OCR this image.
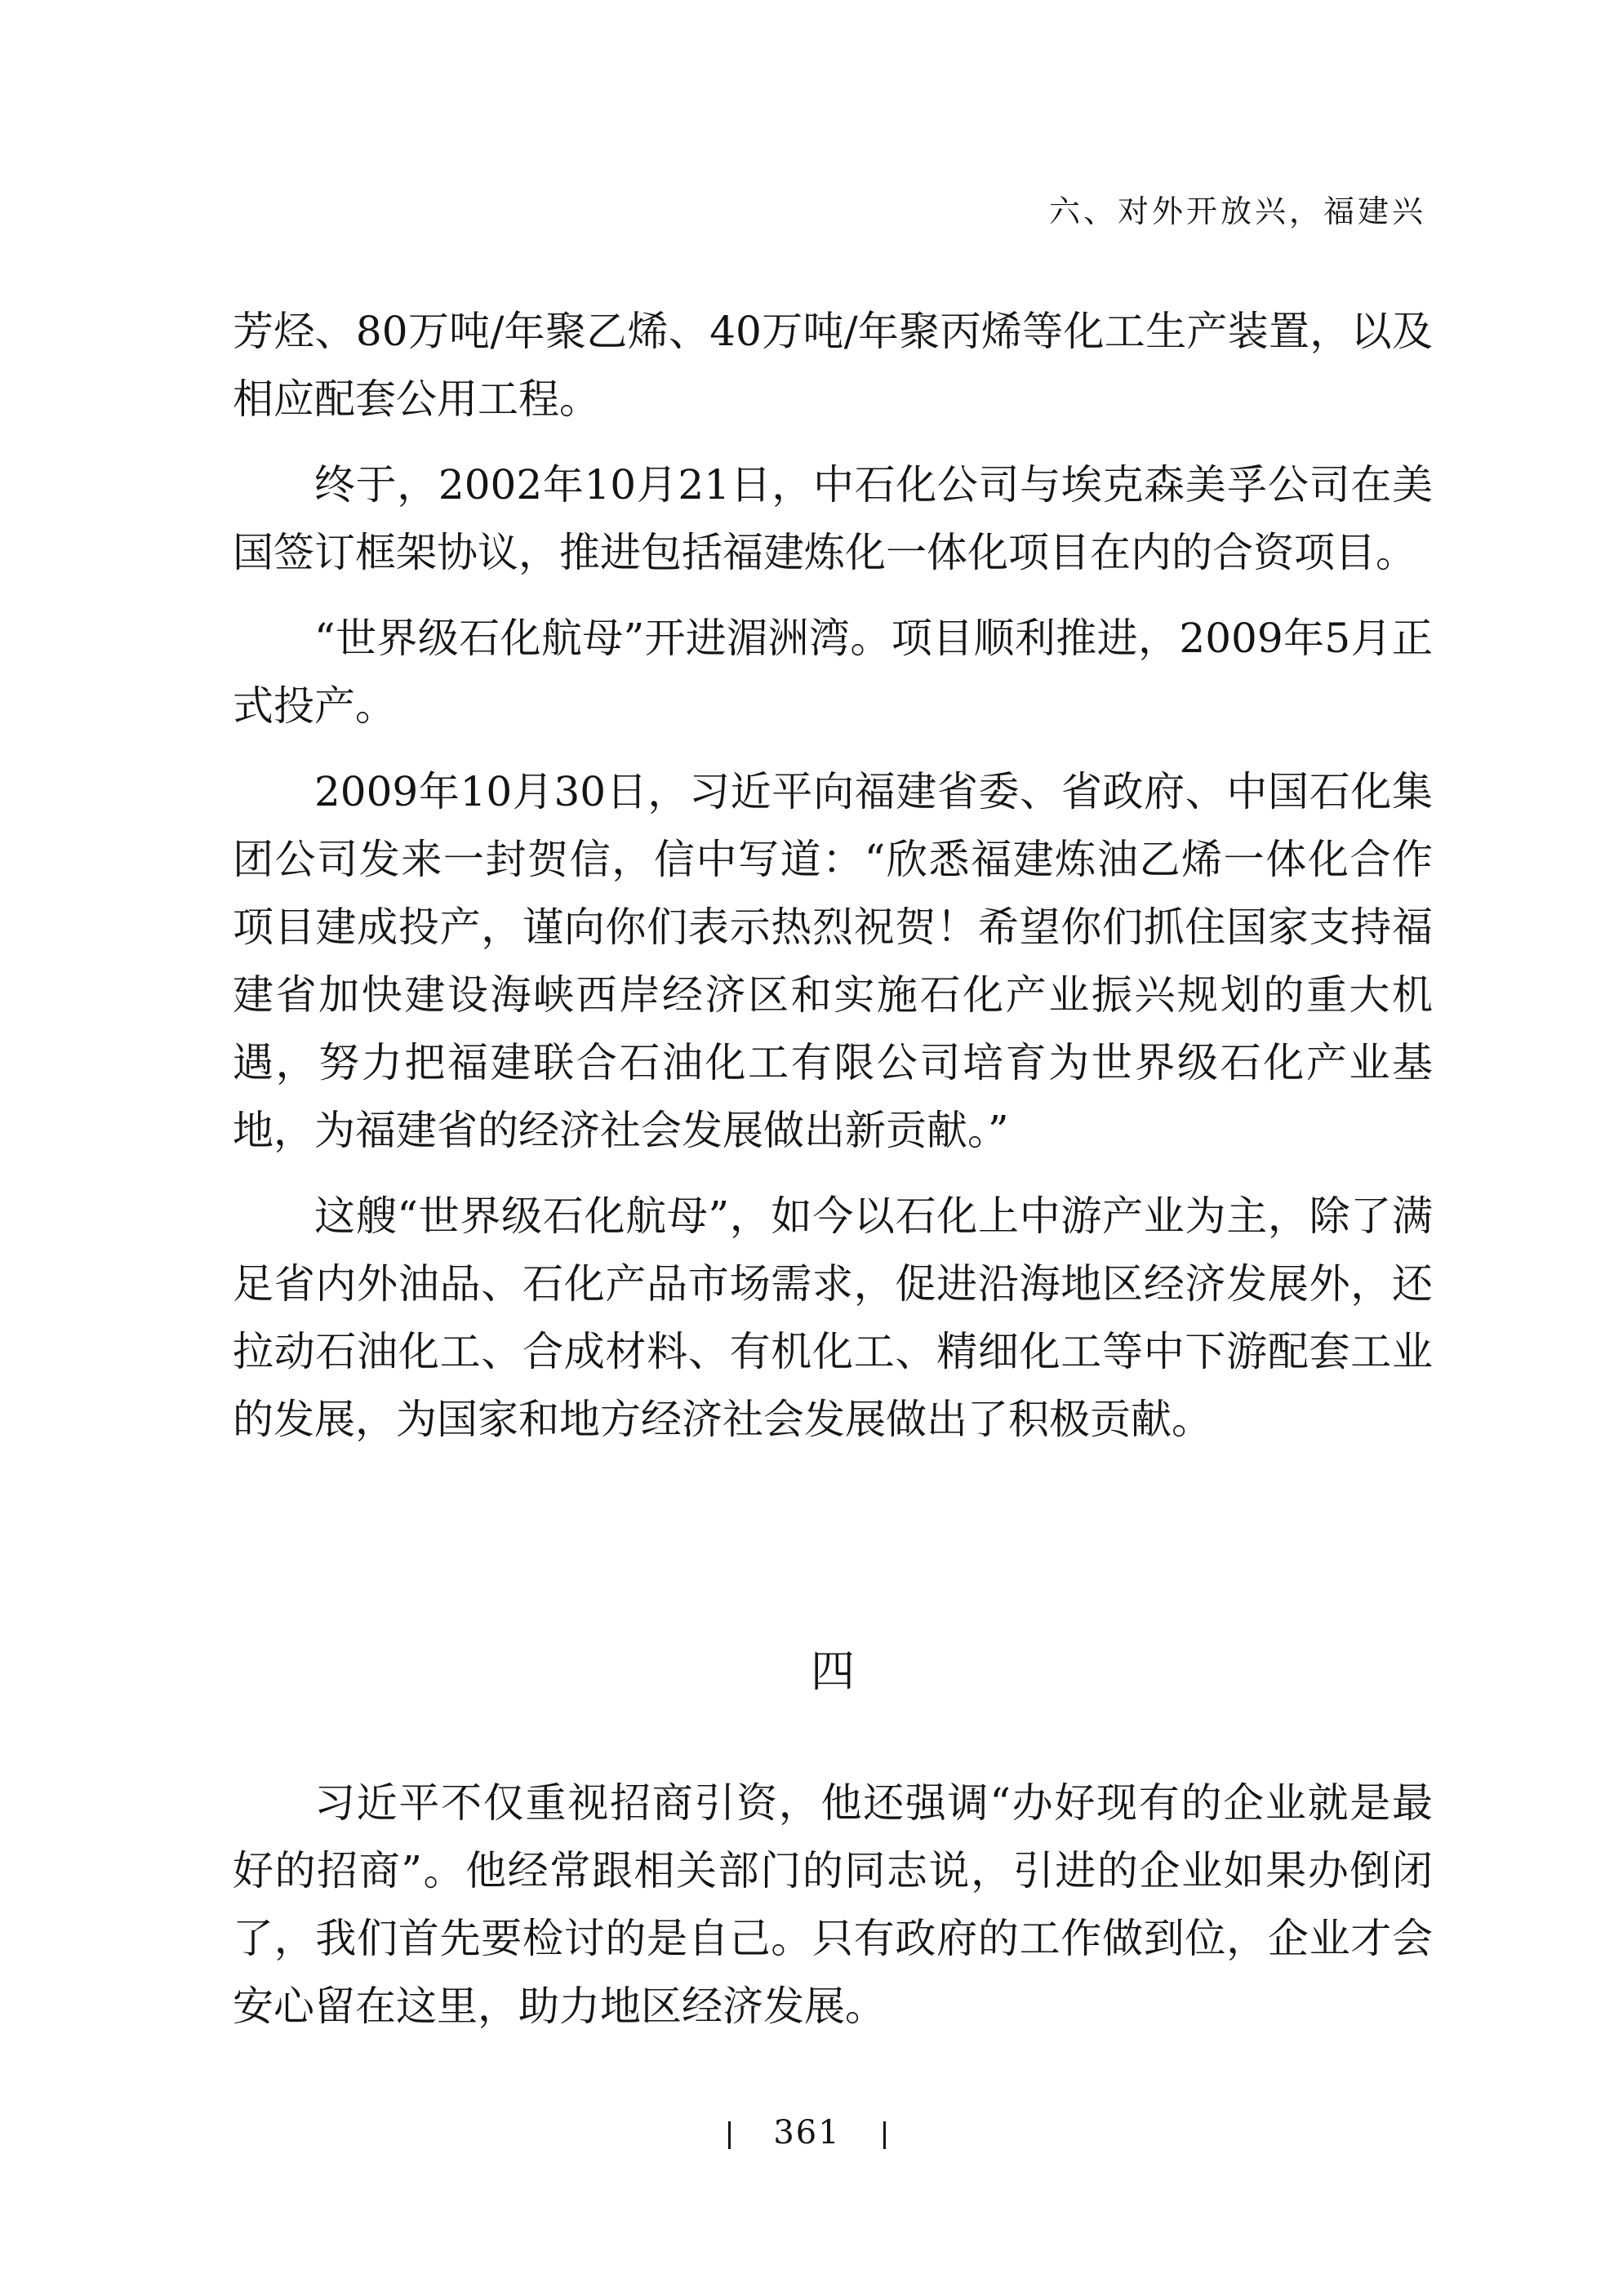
六、对外开放兴，福建兴

芳烃、80万吨/年聚乙烯、40万吨/年聚丙烯等化工生产装置，以及相应配套公用工程。

终于，2002年10月21日，中石化公司与埃克森美孚公司在美国签订框架协议，推进包括福建炼化一体化项目在内的合资项目。

“世界级石化航母”开进湄洲湾。项目顺利推进，2009年5月正式投产。

2009年10月30日，习近平向福建省委、省政府、中国石化集团公司发来一封贺信，信中写道：“欣悉福建炼油乙烯一体化合作项目建成投产，谨向你们表示热烈祝贺！希望你们抓住国家支持福建省加快建设海峡西岸经济区和实施石化产业振兴规划的重大机遇，努力把福建联合石油化工有限公司培育为世界级石化产业基地，为福建省的经济社会发展做出新贡献。”

这艘“世界级石化航母”，如今以石化上中游产业为主，除了满足省内外油品、石化产品市场需求，促进沿海地区经济发展外，还拉动石油化工、合成材料、有机化工、精细化工等中下游配套工业的发展，为国家和地方经济社会发展做出了积极贡献。

四

习近平不仅重视招商引资，他还强调“办好现有的企业就是最好的招商”。他经常跟相关部门的同志说，引进的企业如果办倒闭了，我们首先要检讨的是自己。只有政府的工作做到位，企业才会安心留在这里，助力地区经济发展。

361
